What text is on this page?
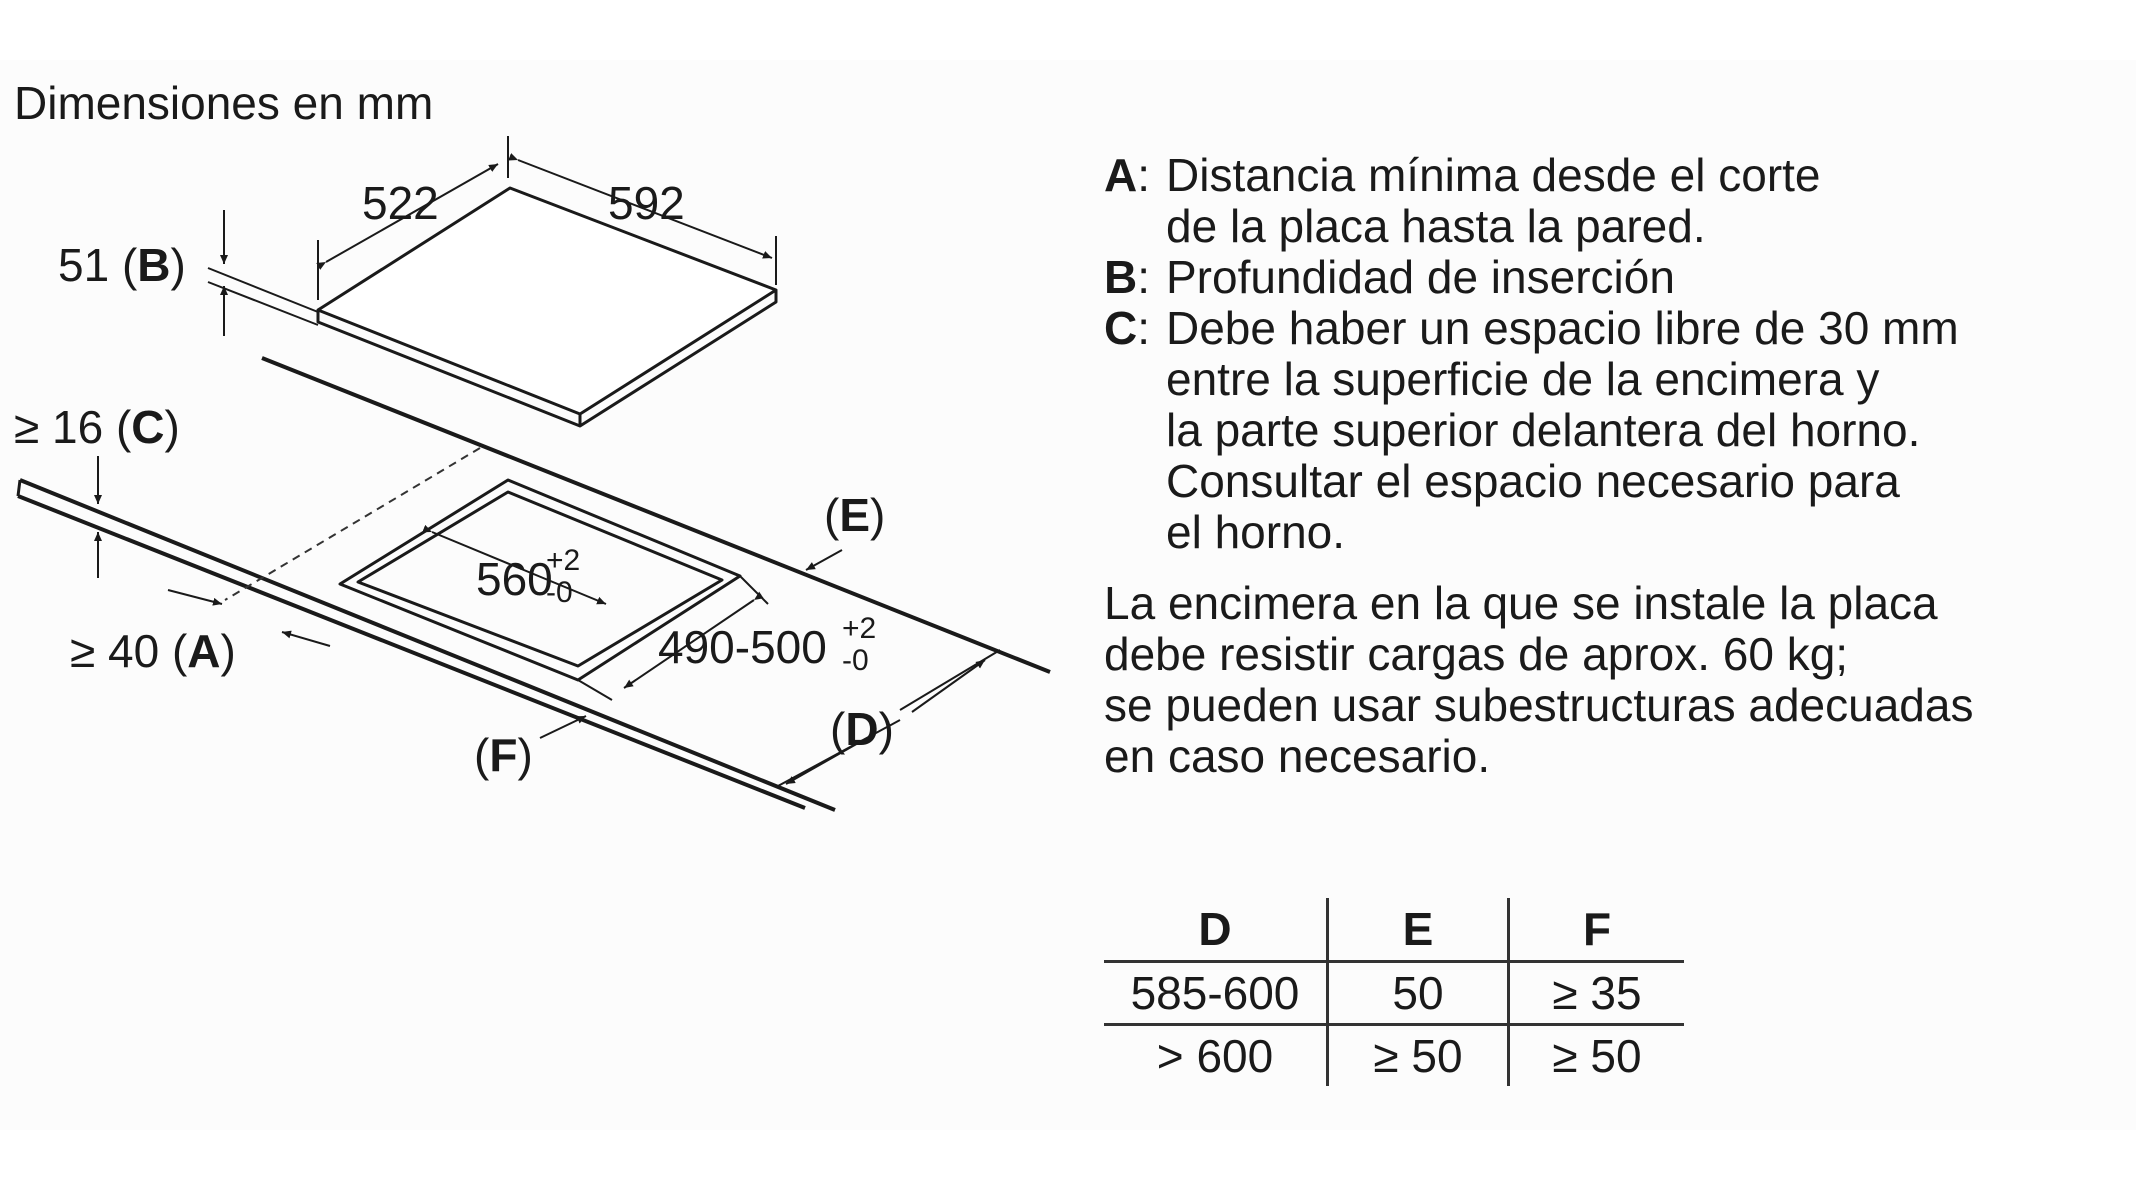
Dimensiones en mm
522	592
51 (B)
≥ 16 (C)
≥ 40 (A)
560
+2
-0
490-500 +2
-0
(E)
(D)
(F)
A: Distancia mínima desde el corte
de la placa hasta la pared.
B: Profundidad de inserción
C: Debe haber un espacio libre de 30 mm
entre la superficie de la encimera y
la parte superior delantera del horno.
Consultar el espacio necesario para
el horno.
La encimera en la que se instale la placa
debe resistir cargas de aprox. 60 kg;
se pueden usar subestructuras adecuadas
en caso necesario.
D	E	F
585-600	50	≥ 35
> 600	≥ 50	≥ 50
